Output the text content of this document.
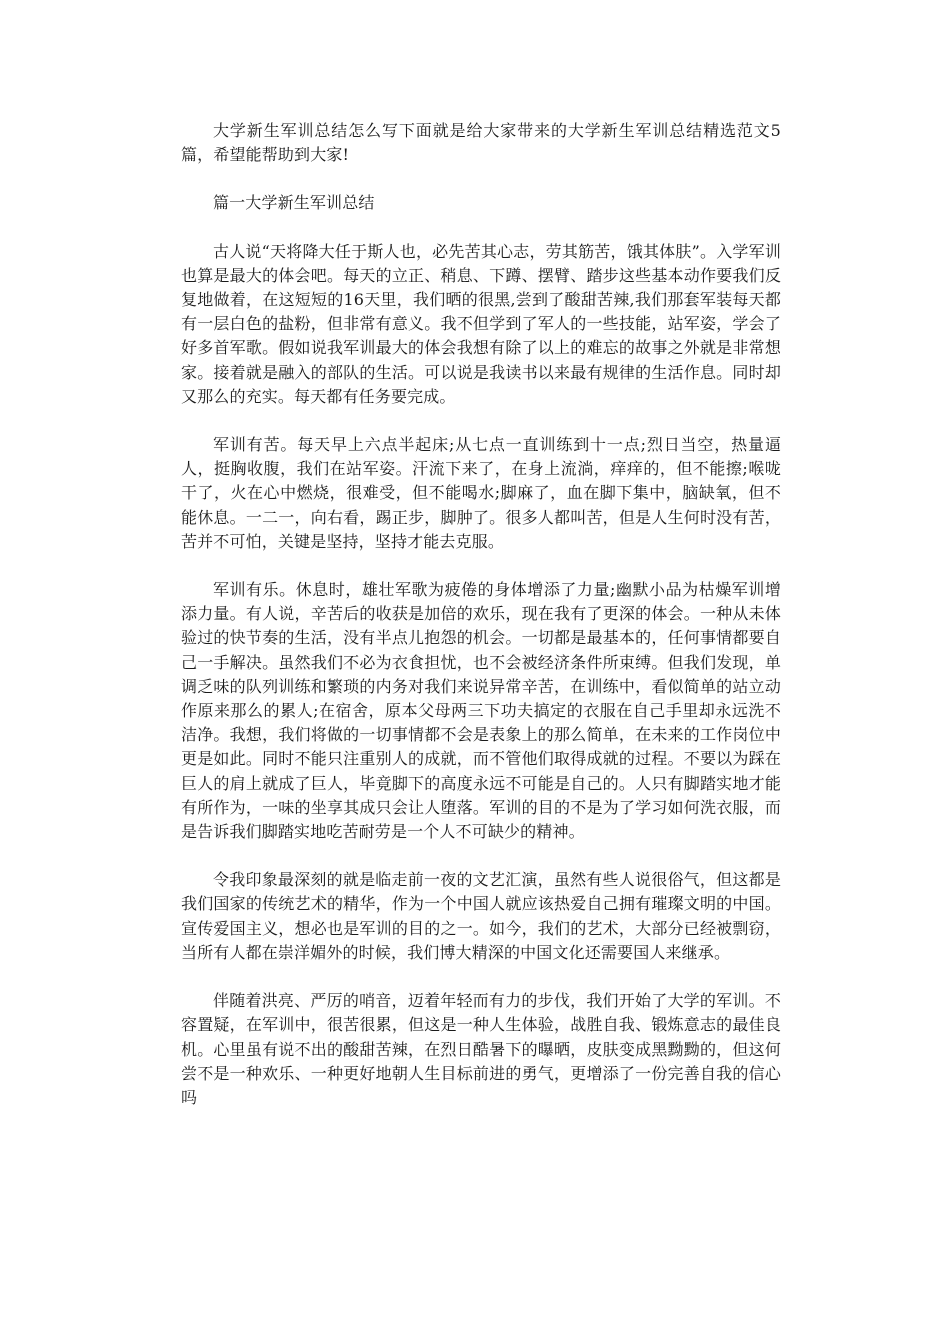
大学新生军训总结怎么写下面就是给大家带来的大学新生军训总结精选范文5篇，希望能帮助到大家!

篇一大学新生军训总结

古人说“天将降大任于斯人也，必先苦其心志，劳其筋苦，饿其体肤”。入学军训也算是最大的体会吧。每天的立正、稍息、下蹲、摆臂、踏步这些基本动作要我们反复地做着，在这短短的16天里，我们晒的很黑,尝到了酸甜苦辣,我们那套军装每天都有一层白色的盐粉，但非常有意义。我不但学到了军人的一些技能，站军姿，学会了好多首军歌。假如说我军训最大的体会我想有除了以上的难忘的故事之外就是非常想家。接着就是融入的部队的生活。可以说是我读书以来最有规律的生活作息。同时却又那么的充实。每天都有任务要完成。

军训有苦。每天早上六点半起床;从七点一直训练到十一点;烈日当空，热量逼人，挺胸收腹，我们在站军姿。汗流下来了，在身上流淌，痒痒的，但不能擦;喉咙干了，火在心中燃烧，很难受，但不能喝水;脚麻了，血在脚下集中，脑缺氧，但不能休息。一二一，向右看，踢正步，脚肿了。很多人都叫苦，但是人生何时没有苦，苦并不可怕，关键是坚持，坚持才能去克服。

军训有乐。休息时，雄壮军歌为疲倦的身体增添了力量;幽默小品为枯燥军训增添力量。有人说，辛苦后的收获是加倍的欢乐，现在我有了更深的体会。一种从未体验过的快节奏的生活，没有半点儿抱怨的机会。一切都是最基本的，任何事情都要自己一手解决。虽然我们不必为衣食担忧，也不会被经济条件所束缚。但我们发现，单调乏味的队列训练和繁琐的内务对我们来说异常辛苦，在训练中，看似简单的站立动作原来那么的累人;在宿舍，原本父母两三下功夫搞定的衣服在自己手里却永远洗不洁净。我想，我们将做的一切事情都不会是表象上的那么简单，在未来的工作岗位中更是如此。同时不能只注重别人的成就，而不管他们取得成就的过程。不要以为踩在巨人的肩上就成了巨人，毕竟脚下的高度永远不可能是自己的。人只有脚踏实地才能有所作为，一味的坐享其成只会让人堕落。军训的目的不是为了学习如何洗衣服，而是告诉我们脚踏实地吃苦耐劳是一个人不可缺少的精神。

令我印象最深刻的就是临走前一夜的文艺汇演，虽然有些人说很俗气，但这都是我们国家的传统艺术的精华，作为一个中国人就应该热爱自己拥有璀璨文明的中国。宣传爱国主义，想必也是军训的目的之一。如今，我们的艺术，大部分已经被剽窃，当所有人都在崇洋媚外的时候，我们博大精深的中国文化还需要国人来继承。

伴随着洪亮、严厉的哨音，迈着年轻而有力的步伐，我们开始了大学的军训。不容置疑，在军训中，很苦很累，但这是一种人生体验，战胜自我、锻炼意志的最佳良机。心里虽有说不出的酸甜苦辣，在烈日酷暑下的曝晒，皮肤变成黑黝黝的，但这何尝不是一种欢乐、一种更好地朝人生目标前进的勇气，更增添了一份完善自我的信心吗
